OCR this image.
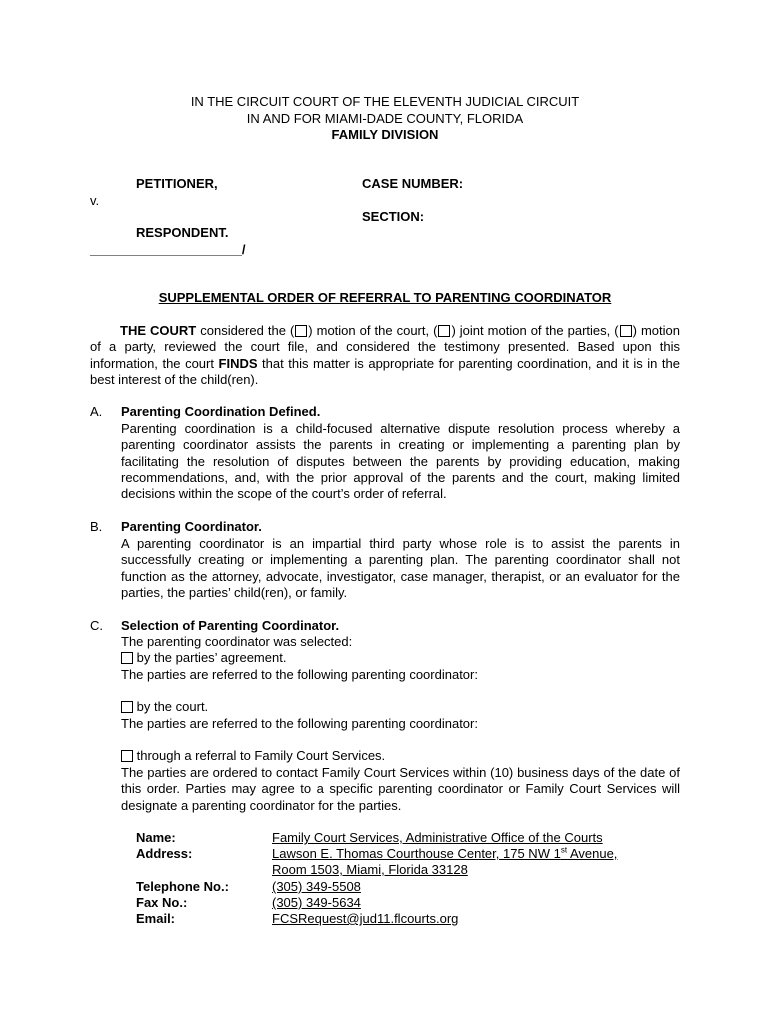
IN THE CIRCUIT COURT OF THE ELEVENTH JUDICIAL CIRCUIT
IN AND FOR MIAMI-DADE COUNTY, FLORIDA
FAMILY DIVISION
PETITIONER,	CASE NUMBER:
v.
SECTION:
RESPONDENT.
_____________________/
SUPPLEMENTAL ORDER OF REFERRAL TO PARENTING COORDINATOR
THE COURT considered the ( ) motion of the court, ( ) joint motion of the parties, ( ) motion of a party, reviewed the court file, and considered the testimony presented. Based upon this information, the court FINDS that this matter is appropriate for parenting coordination, and it is in the best interest of the child(ren).
A. Parenting Coordination Defined.
Parenting coordination is a child-focused alternative dispute resolution process whereby a parenting coordinator assists the parents in creating or implementing a parenting plan by facilitating the resolution of disputes between the parents by providing education, making recommendations, and, with the prior approval of the parents and the court, making limited decisions within the scope of the court’s order of referral.
B. Parenting Coordinator.
A parenting coordinator is an impartial third party whose role is to assist the parents in successfully creating or implementing a parenting plan. The parenting coordinator shall not function as the attorney, advocate, investigator, case manager, therapist, or an evaluator for the parties, the parties’ child(ren), or family.
C. Selection of Parenting Coordinator.
The parenting coordinator was selected:
by the parties’ agreement.
The parties are referred to the following parenting coordinator:
by the court.
The parties are referred to the following parenting coordinator:
through a referral to Family Court Services.
The parties are ordered to contact Family Court Services within (10) business days of the date of this order. Parties may agree to a specific parenting coordinator or Family Court Services will designate a parenting coordinator for the parties.
Name:	Family Court Services, Administrative Office of the Courts
Address:	Lawson E. Thomas Courthouse Center, 175 NW 1st Avenue,
Room 1503, Miami, Florida 33128
Telephone No.:	(305) 349-5508
Fax No.:	(305) 349-5634
Email:	FCSRequest@jud11.flcourts.org
